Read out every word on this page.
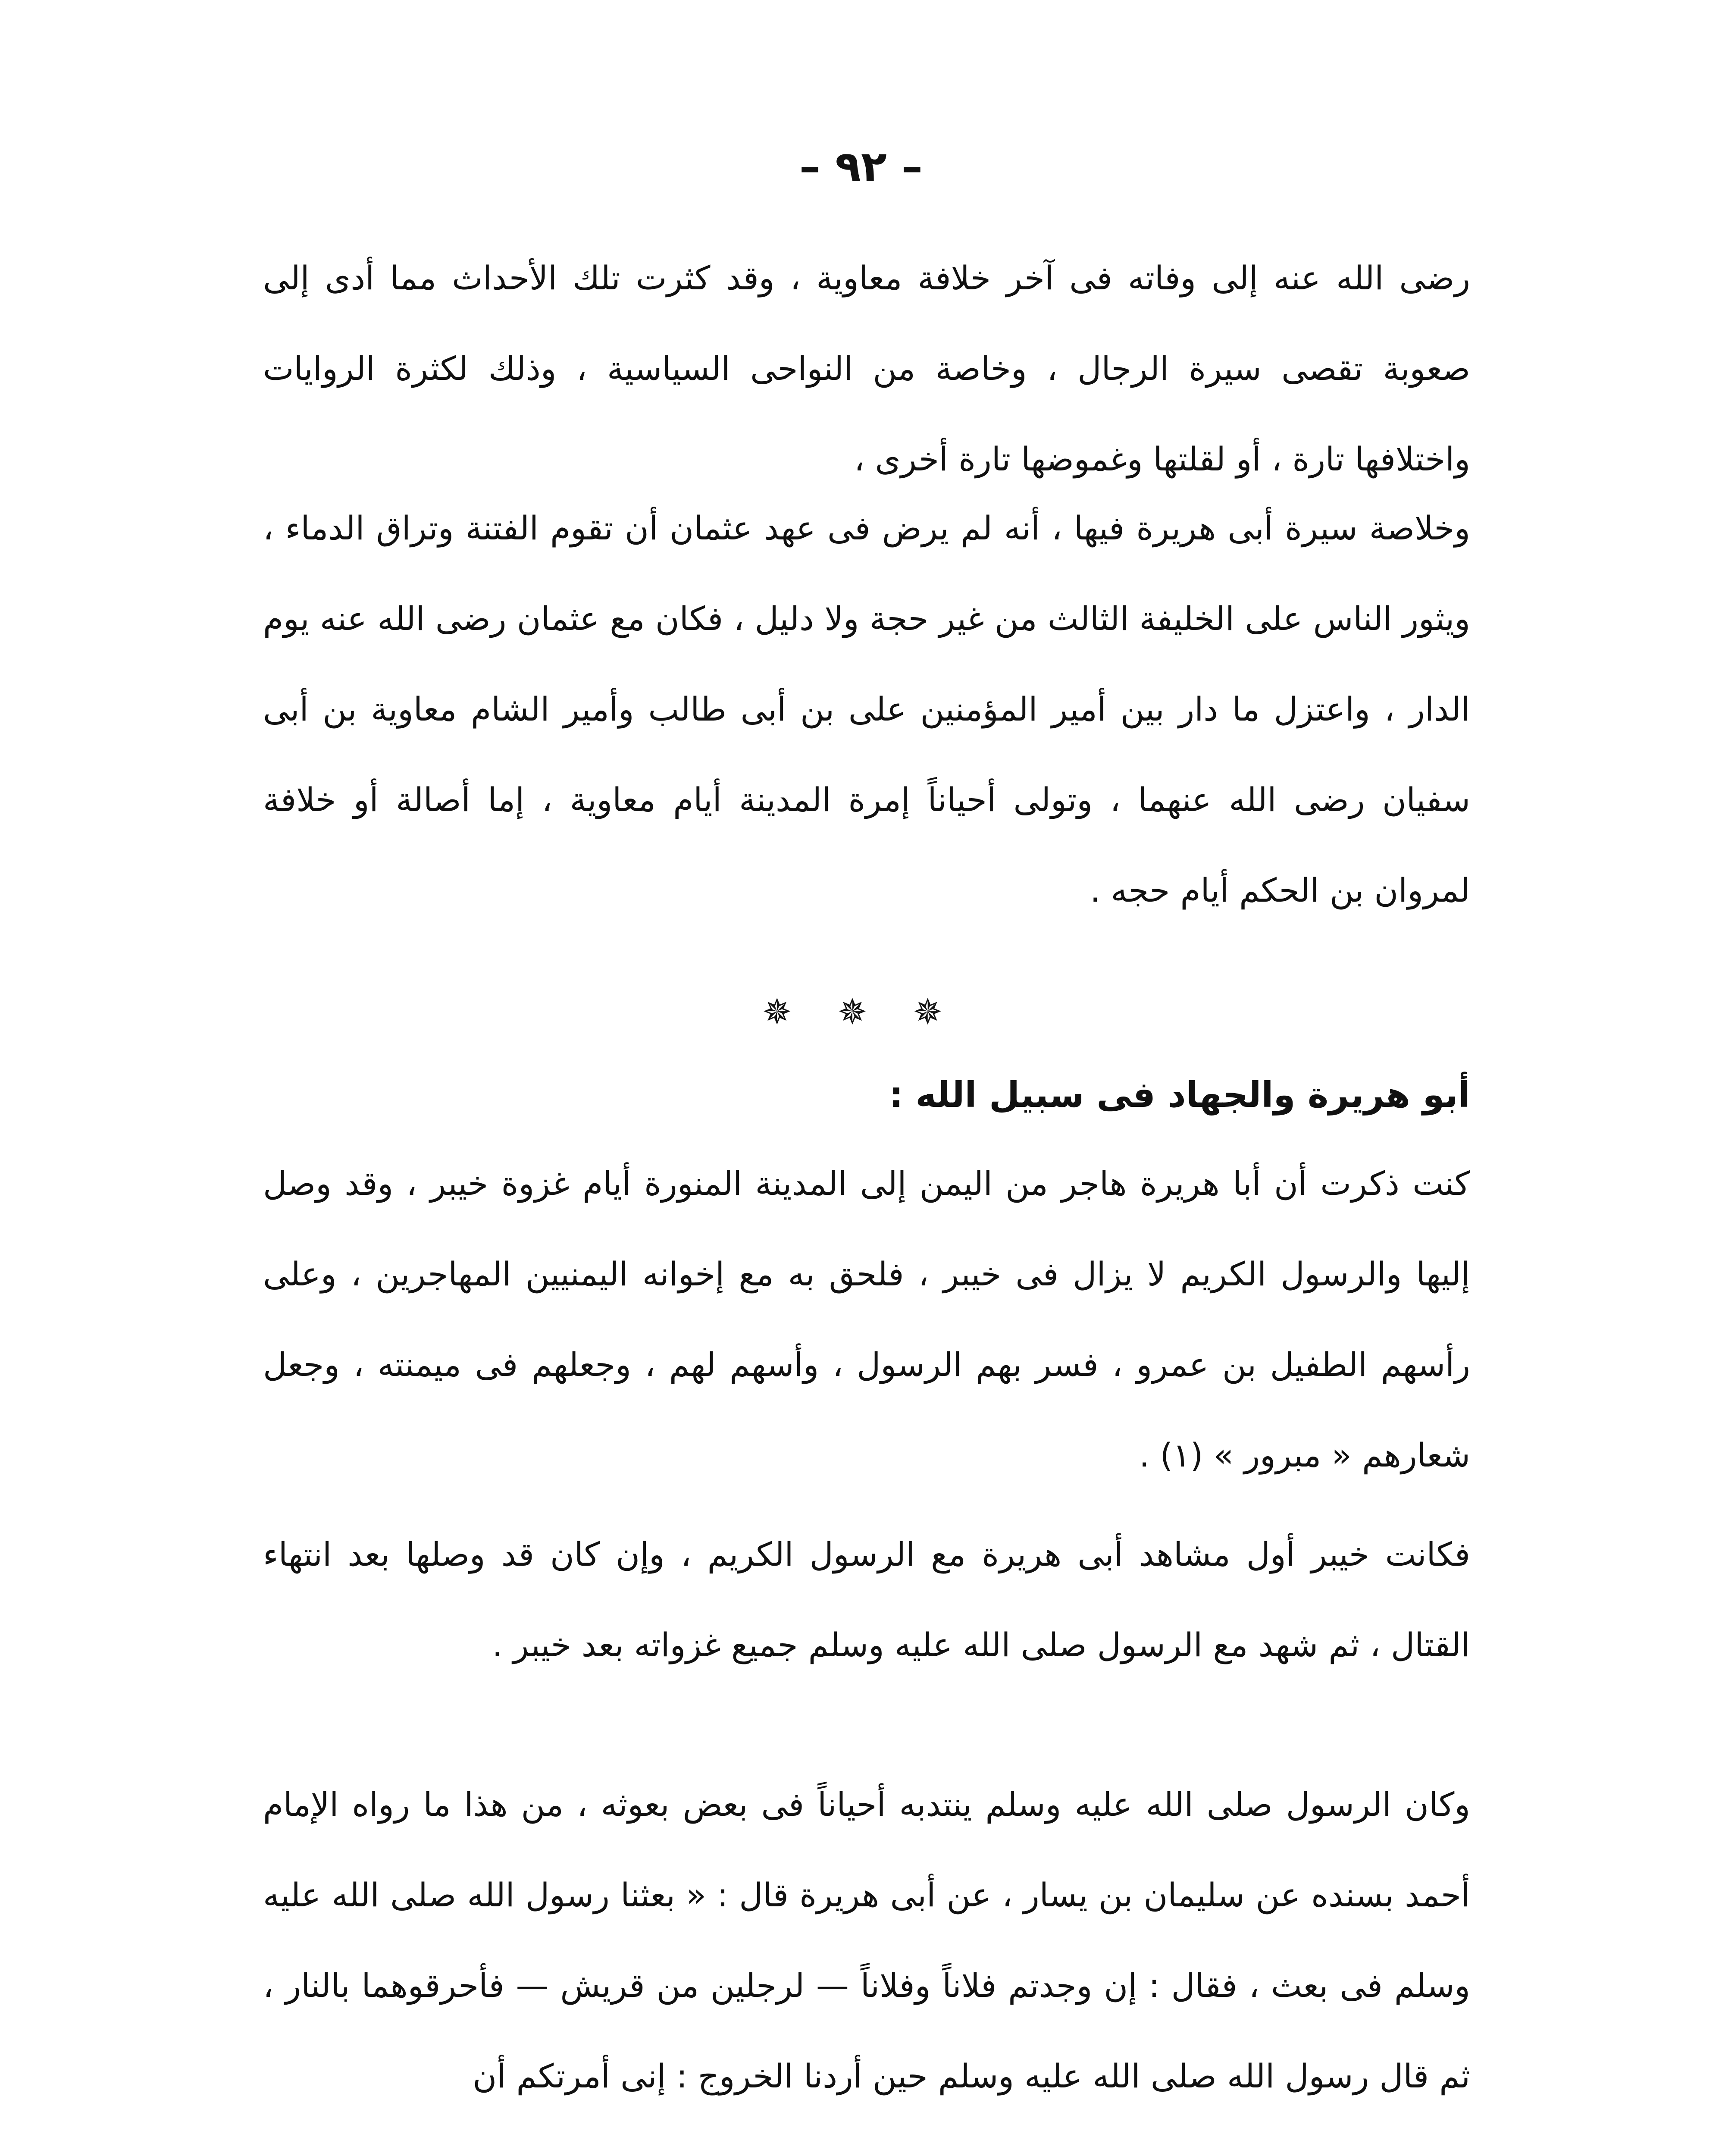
– ٩٢ –

رضى الله عنه إلى وفاته فى آخر خلافة معاوية ، وقد كثرت تلك الأحداث مما أدى إلى صعوبة تقصى سيرة الرجال ، وخاصة من النواحى السياسية ، وذلك لكثرة الروايات واختلافها تارة ، أو لقلتها وغموضها تارة أخرى ،

وخلاصة سيرة أبى هريرة فيها ، أنه لم يرض فى عهد عثمان أن تقوم الفتنة وتراق الدماء ، ويثور الناس على الخليفة الثالث من غير حجة ولا دليل ، فكان مع عثمان رضى الله عنه يوم الدار ، واعتزل ما دار بين أمير المؤمنين على بن أبى طالب وأمير الشام معاوية بن أبى سفيان رضى الله عنهما ، وتولى أحياناً إمرة المدينة أيام معاوية ، إما أصالة أو خلافة لمروان بن الحكم أيام حجه .

✵ ✵ ✵
أبو هريرة والجهاد فى سبيل الله :

كنت ذكرت أن أبا هريرة هاجر من اليمن إلى المدينة المنورة أيام غزوة خيبر ، وقد وصل إليها والرسول الكريم لا يزال فى خيبر ، فلحق به مع إخوانه اليمنيين المهاجرين ، وعلى رأسهم الطفيل بن عمرو ، فسر بهم الرسول ، وأسهم لهم ، وجعلهم فى ميمنته ، وجعل شعارهم « مبرور » (١) .

فكانت خيبر أول مشاهد أبى هريرة مع الرسول الكريم ، وإن كان قد وصلها بعد انتهاء القتال ، ثم شهد مع الرسول صلى الله عليه وسلم جميع غزواته بعد خيبر .

وكان الرسول صلى الله عليه وسلم ينتدبه أحياناً فى بعض بعوثه ، من هذا ما رواه الإمام أحمد بسنده عن سليمان بن يسار ، عن أبى هريرة قال : « بعثنا رسول الله صلى الله عليه وسلم فى بعث ، فقال : إن وجدتم فلاناً وفلاناً — لرجلين من قريش — فأحرقوهما بالنار ، ثم قال رسول الله صلى الله عليه وسلم حين أردنا الخروج : إنى أمرتكم أن
